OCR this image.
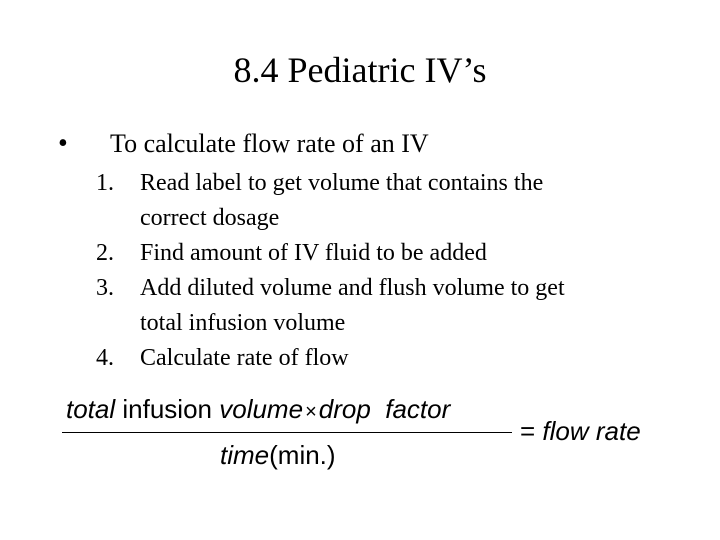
8.4 Pediatric IV’s
• To calculate flow rate of an IV
1. Read label to get volume that contains the
correct dosage
2. Find amount of IV fluid to be added
3. Add diluted volume and flush volume to get
total infusion volume
4. Calculate rate of flow
total infusion volume ×drop  factor
time(min.)
= flow rate
